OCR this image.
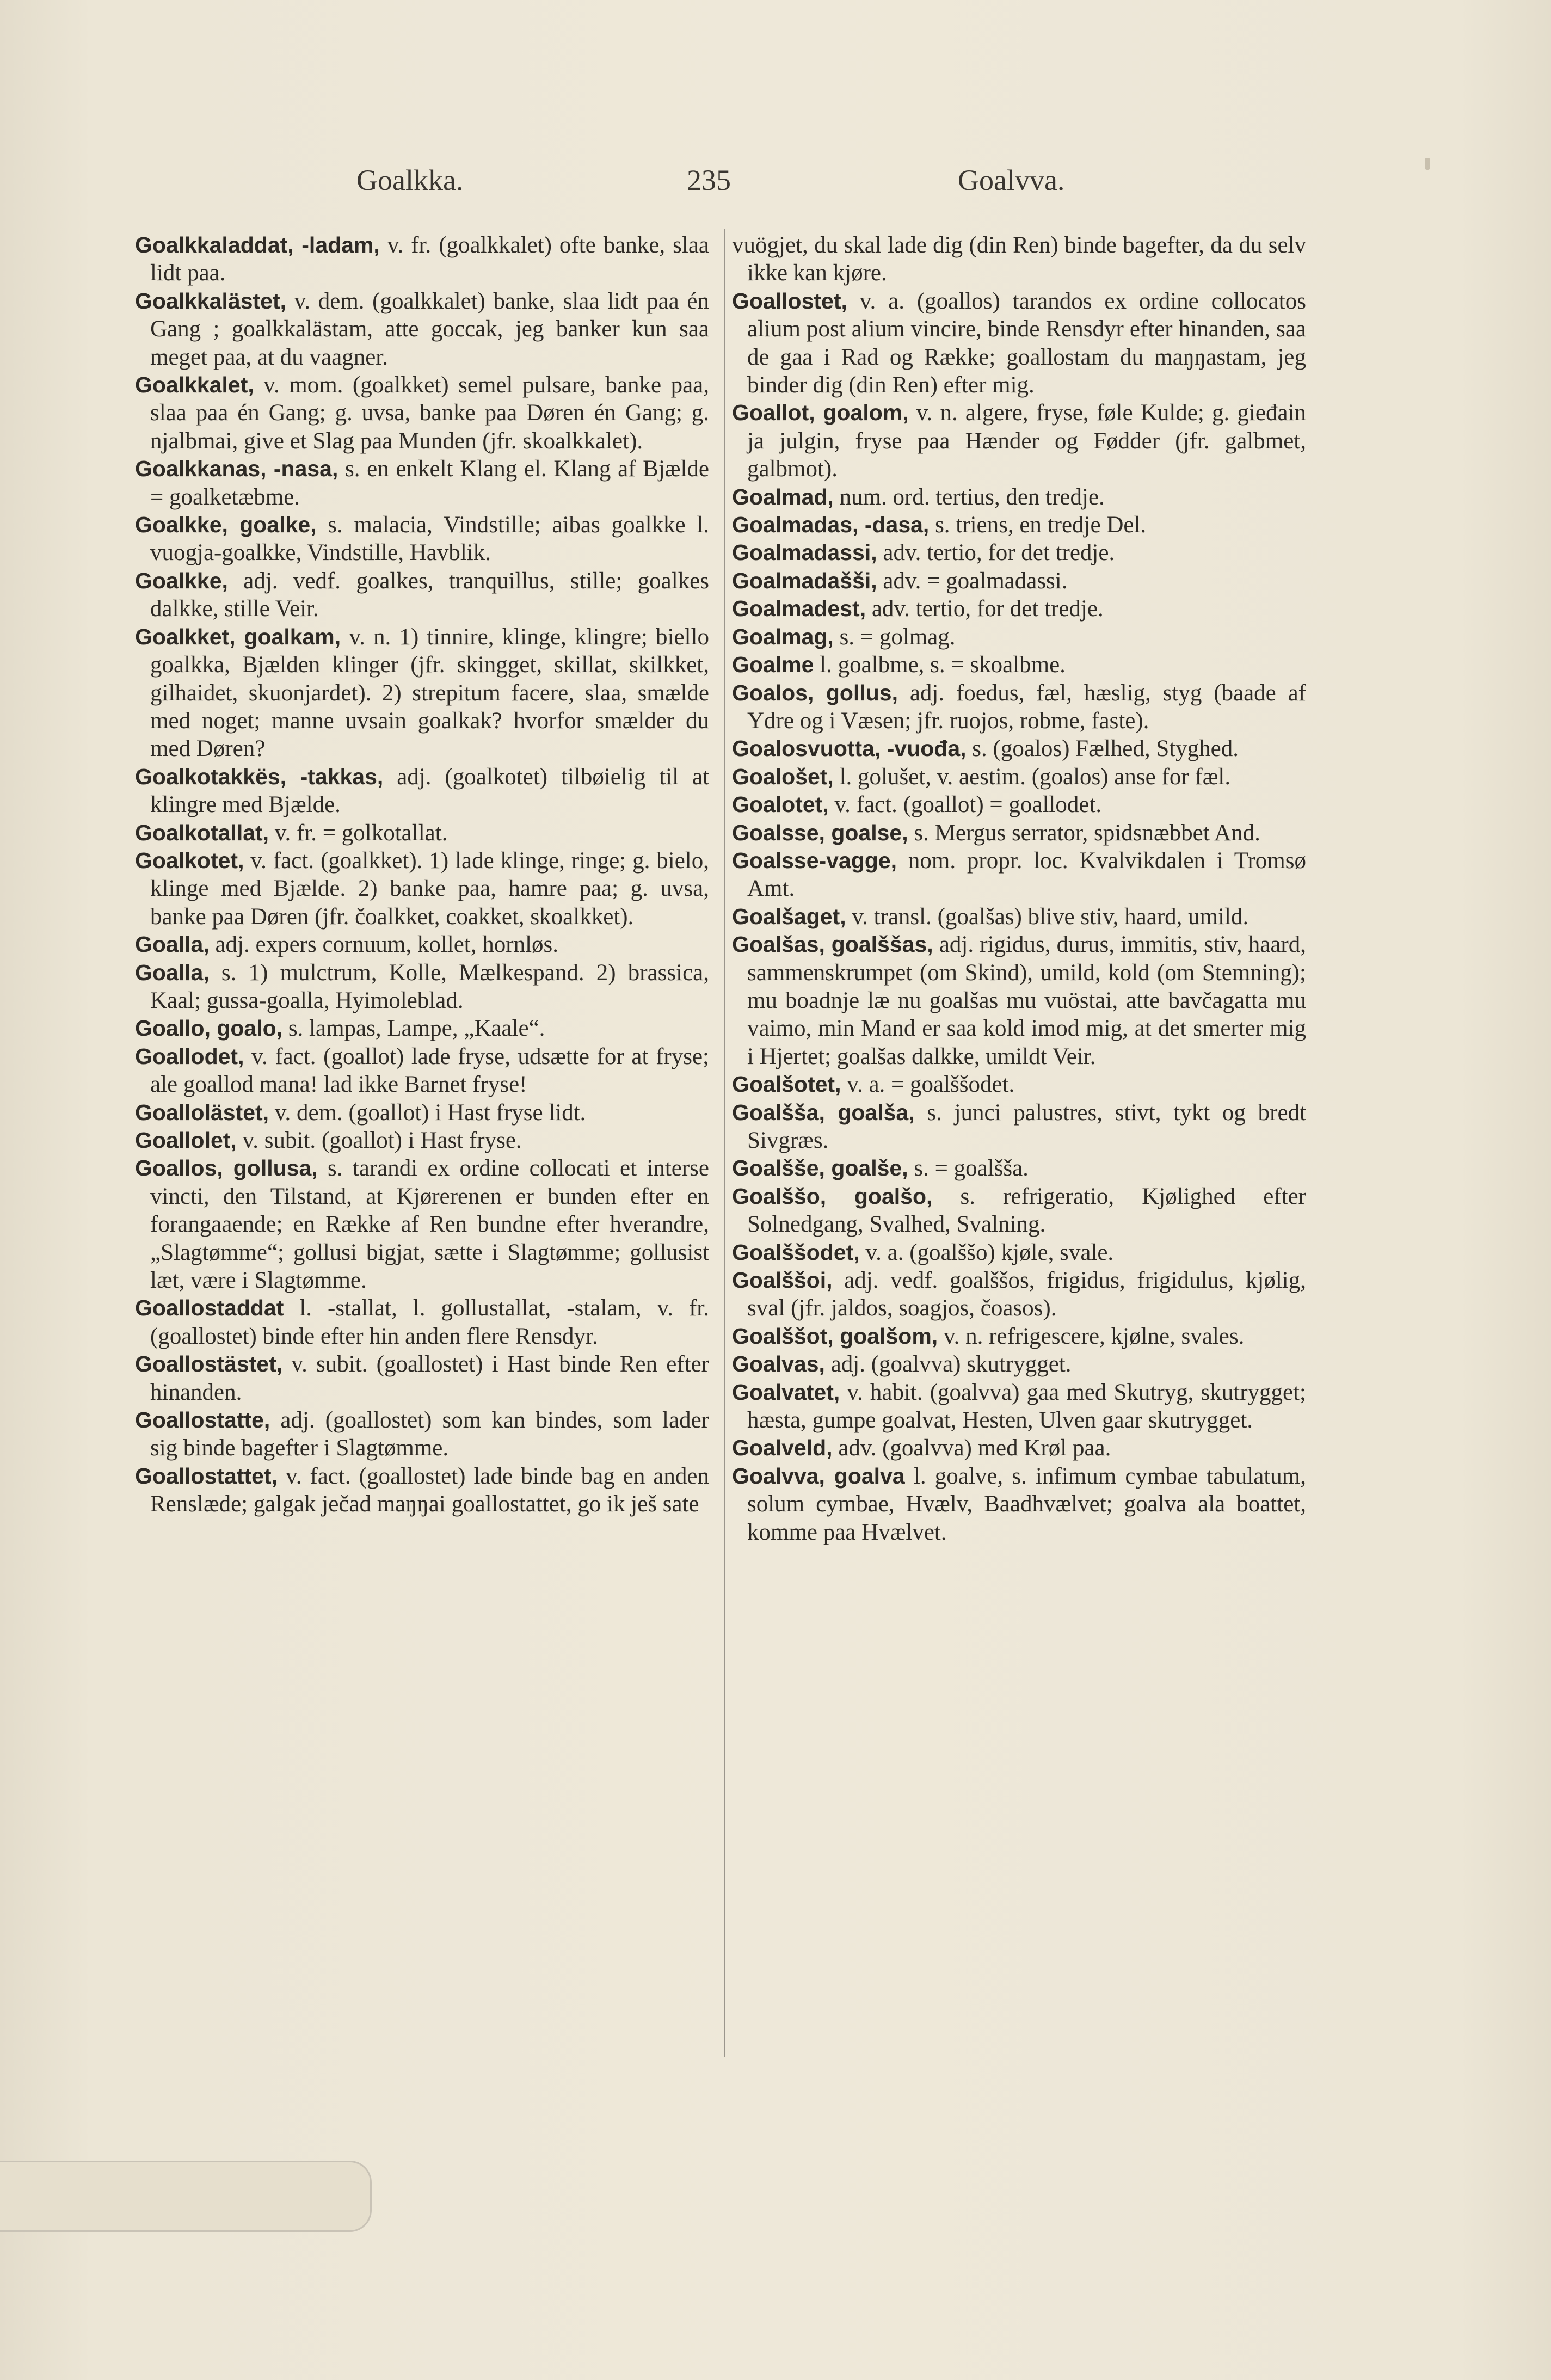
Goalkka.	235	Goalvva.

Goalkkaladdat, -ladam, v. fr. (goalkkalet) ofte banke, slaa lidt paa.

Goalkkalästet, v. dem. (goalkkalet) banke, slaa lidt paa én Gang ; goalkkalästam, atte goccak, jeg banker kun saa meget paa, at du vaagner.

Goalkkalet, v. mom. (goalkket) semel pulsare, banke paa, slaa paa én Gang; g. uvsa, banke paa Døren én Gang; g. njalbmai, give et Slag paa Munden (jfr. skoalkkalet).

Goalkkanas, -nasa, s. en enkelt Klang el. Klang af Bjælde = goalketæbme.

Goalkke, goalke, s. malacia, Vindstille; aibas goalkke l. vuogja-goalkke, Vindstille, Havblik.

Goalkke, adj. vedf. goalkes, tranquillus, stille; goalkes dalkke, stille Veir.

Goalkket, goalkam, v. n. 1) tinnire, klinge, klingre; biello goalkka, Bjælden klinger (jfr. skingget, skillat, skilkket, gilhaidet, skuonjardet). 2) strepitum facere, slaa, smælde med noget; manne uvsain goalkak? hvorfor smælder du med Døren?

Goalkotakkës, -takkas, adj. (goalkotet) tilbøielig til at klingre med Bjælde.

Goalkotallat, v. fr. = golkotallat.

Goalkotet, v. fact. (goalkket). 1) lade klinge, ringe; g. bielo, klinge med Bjælde. 2) banke paa, hamre paa; g. uvsa, banke paa Døren (jfr. čoalkket, coakket, skoalkket).

Goalla, adj. expers cornuum, kollet, hornløs.

Goalla, s. 1) mulctrum, Kolle, Mælkespand. 2) brassica, Kaal; gussa-goalla, Hyimoleblad.

Goallo, goalo, s. lampas, Lampe, „Kaale“.

Goallodet, v. fact. (goallot) lade fryse, udsætte for at fryse; ale goallod mana! lad ikke Barnet fryse!

Goallolästet, v. dem. (goallot) i Hast fryse lidt.

Goallolet, v. subit. (goallot) i Hast fryse.

Goallos, gollusa, s. tarandi ex ordine collocati et interse vincti, den Tilstand, at Kjørerenen er bunden efter en forangaaende; en Række af Ren bundne efter hverandre, „Slagtømme“; gollusi bigjat, sætte i Slagtømme; gollusist læt, være i Slagtømme.

Goallostaddat l. -stallat, l. gollustallat, -stalam, v. fr. (goallostet) binde efter hin anden flere Rensdyr.

Goallostästet, v. subit. (goallostet) i Hast binde Ren efter hinanden.

Goallostatte, adj. (goallostet) som kan bindes, som lader sig binde bagefter i Slagtømme.

Goallostattet, v. fact. (goallostet) lade binde bag en anden Renslæde; galgak ječad maŋŋai goallostattet, go ik ješ sate

vuögjet, du skal lade dig (din Ren) binde bagefter, da du selv ikke kan kjøre.

Goallostet, v. a. (goallos) tarandos ex ordine collocatos alium post alium vincire, binde Rensdyr efter hinanden, saa de gaa i Rad og Række; goallostam du maŋŋastam, jeg binder dig (din Ren) efter mig.

Goallot, goalom, v. n. algere, fryse, føle Kulde; g. gieđain ja julgin, fryse paa Hænder og Fødder (jfr. galbmet, galbmot).

Goalmad, num. ord. tertius, den tredje.

Goalmadas, -dasa, s. triens, en tredje Del.

Goalmadassi, adv. tertio, for det tredje.

Goalmadašši, adv. = goalmadassi.

Goalmadest, adv. tertio, for det tredje.

Goalmag, s. = golmag.

Goalme l. goalbme, s. = skoalbme.

Goalos, gollus, adj. foedus, fæl, hæslig, styg (baade af Ydre og i Væsen; jfr. ruojos, robme, faste).

Goalosvuotta, -vuođa, s. (goalos) Fælhed, Styghed.

Goalošet, l. golušet, v. aestim. (goalos) anse for fæl.

Goalotet, v. fact. (goallot) = goallodet.

Goalsse, goalse, s. Mergus serrator, spidsnæbbet And.

Goalsse-vagge, nom. propr. loc. Kvalvikdalen i Tromsø Amt.

Goalšaget, v. transl. (goalšas) blive stiv, haard, umild.

Goalšas, goalššas, adj. rigidus, durus, immitis, stiv, haard, sammenskrumpet (om Skind), umild, kold (om Stemning); mu boadnje læ nu goalšas mu vuöstai, atte bavčagatta mu vaimo, min Mand er saa kold imod mig, at det smerter mig i Hjertet; goalšas dalkke, umildt Veir.

Goalšotet, v. a. = goalššodet.

Goalšša, goalša, s. junci palustres, stivt, tykt og bredt Sivgræs.

Goalšše, goalše, s. = goalšša.

Goalššo, goalšo, s. refrigeratio, Kjølighed efter Solnedgang, Svalhed, Svalning.

Goalššodet, v. a. (goalššo) kjøle, svale.

Goalššoi, adj. vedf. goalššos, frigidus, frigidulus, kjølig, sval (jfr. jaldos, soagjos, čoasos).

Goalššot, goalšom, v. n. refrigescere, kjølne, svales.

Goalvas, adj. (goalvva) skutrygget.

Goalvatet, v. habit. (goalvva) gaa med Skutryg, skutrygget; hæsta, gumpe goalvat, Hesten, Ulven gaar skutrygget.

Goalveld, adv. (goalvva) med Krøl paa.

Goalvva, goalva l. goalve, s. infimum cymbae tabulatum, solum cymbae, Hvælv, Baadhvælvet; goalva ala boattet, komme paa Hvælvet.
